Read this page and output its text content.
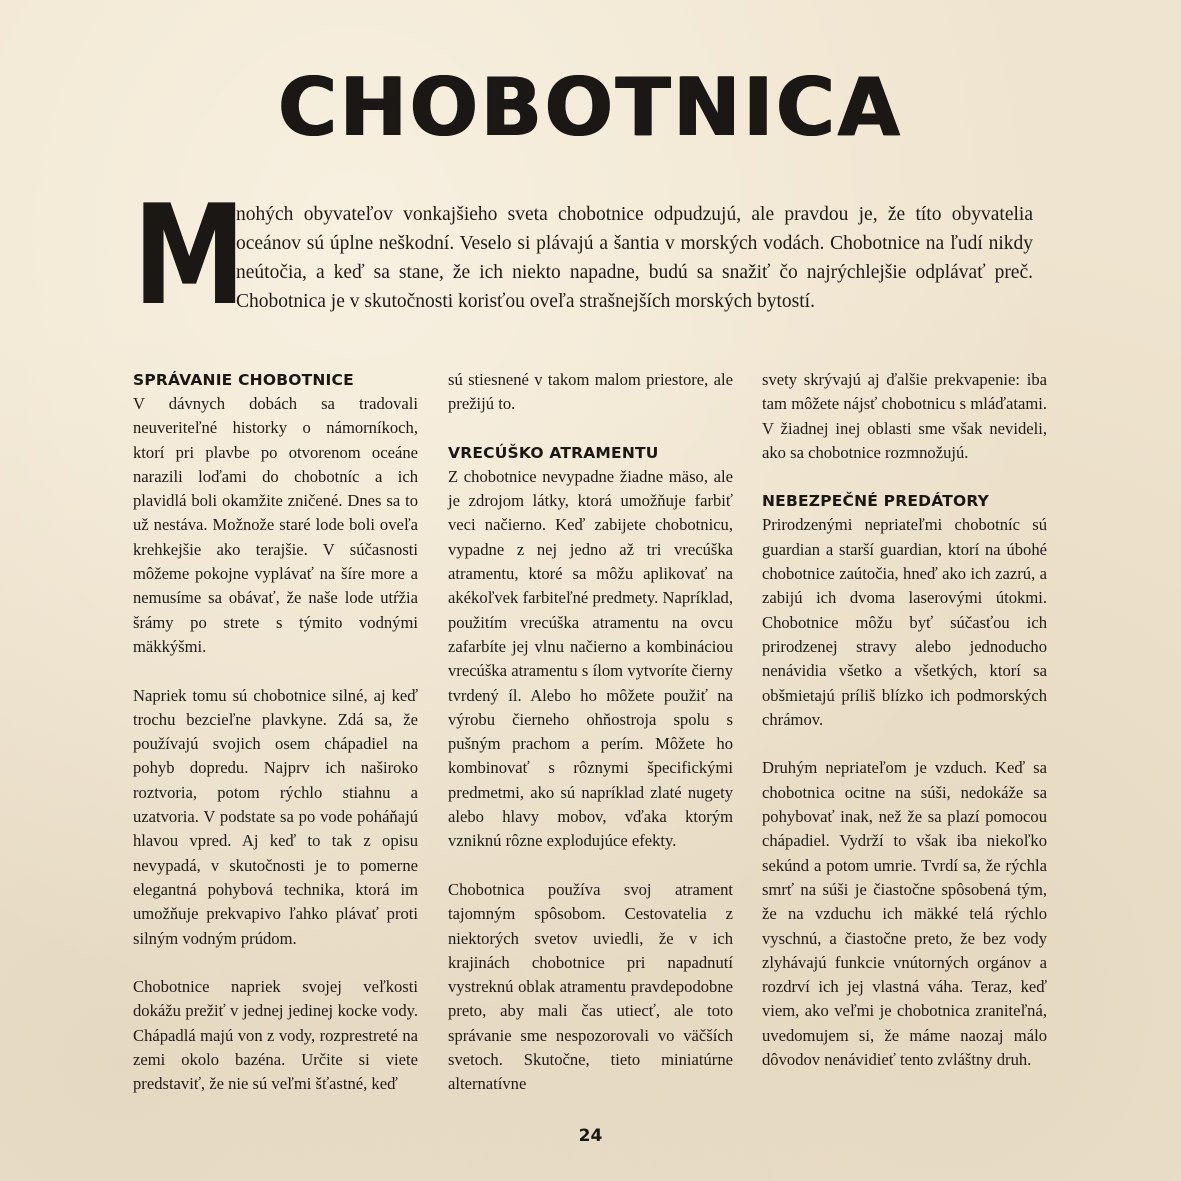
CHOBOTNICA
M

nohých obyvateľov vonkajšieho sveta chobotnice odpudzujú, ale pravdou je, že títo obyvatelia oceánov sú úplne neškodní. Veselo si plávajú a šantia v morských vodách. Chobotnice na ľudí nikdy neútočia, a keď sa stane, že ich niekto napadne, budú sa snažiť čo najrýchlejšie odplávať preč. Chobotnica je v skutočnosti korisťou oveľa strašnejších morských bytostí.

SPRÁVANIE CHOBOTNICE

V dávnych dobách sa tradovali neuveriteľné historky o námorníkoch, ktorí pri plavbe po otvorenom oceáne narazili loďami do chobotníc a ich plavidlá boli okamžite zničené. Dnes sa to už nestáva. Možnože staré lode boli oveľa krehkejšie ako terajšie. V súčasnosti môžeme pokojne vyplávať na šíre more a nemusíme sa obávať, že naše lode utŕžia šrámy po strete s týmito vodnými mäkkýšmi.

Napriek tomu sú chobotnice silné, aj keď trochu bezcieľne plavkyne. Zdá sa, že používajú svojich osem chápadiel na pohyb dopredu. Najprv ich naširoko roztvoria, potom rýchlo stiahnu a uzatvoria. V podstate sa po vode poháňajú hlavou vpred. Aj keď to tak z opisu nevypadá, v skutočnosti je to pomerne elegantná pohybová technika, ktorá im umožňuje prekvapivo ľahko plávať proti silným vodným prúdom.

Chobotnice napriek svojej veľkosti dokážu prežiť v jednej jedinej kocke vody. Chápadlá majú von z vody, rozprestreté na zemi okolo bazéna. Určite si viete predstaviť, že nie sú veľmi šťastné, keď

sú stiesnené v takom malom priestore, ale prežijú to.

VRECÚŠKO ATRAMENTU

Z chobotnice nevypadne žiadne mäso, ale je zdrojom látky, ktorá umožňuje farbiť veci načierno. Keď zabijete chobotnicu, vypadne z nej jedno až tri vrecúška atramentu, ktoré sa môžu aplikovať na akékoľvek farbiteľné predmety. Napríklad, použitím vrecúška atramentu na ovcu zafarbíte jej vlnu načierno a kombináciou vrecúška atramentu s ílom vytvoríte čierny tvrdený íl. Alebo ho môžete použiť na výrobu čierneho ohňostroja spolu s pušným prachom a perím. Môžete ho kombinovať s rôznymi špecifickými predmetmi, ako sú napríklad zlaté nugety alebo hlavy mobov, vďaka ktorým vzniknú rôzne explodujúce efekty.

Chobotnica používa svoj atrament tajomným spôsobom. Cestovatelia z niektorých svetov uviedli, že v ich krajinách chobotnice pri napadnutí vystreknú oblak atramentu pravdepodobne preto, aby mali čas utiecť, ale toto správanie sme nespozorovali vo väčších svetoch. Skutočne, tieto miniatúrne alternatívne

svety skrývajú aj ďalšie prekvapenie: iba tam môžete nájsť chobotnicu s mláďatami. V žiadnej inej oblasti sme však nevideli, ako sa chobotnice rozmnožujú.

NEBEZPEČNÉ PREDÁTORY

Prirodzenými nepriateľmi chobotníc sú guardian a starší guardian, ktorí na úbohé chobotnice zaútočia, hneď ako ich zazrú, a zabijú ich dvoma laserovými útokmi. Chobotnice môžu byť súčasťou ich prirodzenej stravy alebo jednoducho nenávidia všetko a všetkých, ktorí sa obšmietajú príliš blízko ich podmorských chrámov.

Druhým nepriateľom je vzduch. Keď sa chobotnica ocitne na súši, nedokáže sa pohybovať inak, než že sa plazí pomocou chápadiel. Vydrží to však iba niekoľko sekúnd a potom umrie. Tvrdí sa, že rýchla smrť na súši je čiastočne spôsobená tým, že na vzduchu ich mäkké telá rýchlo vyschnú, a čiastočne preto, že bez vody zlyhávajú funkcie vnútorných orgánov a rozdrví ich jej vlastná váha. Teraz, keď viem, ako veľmi je chobotnica zraniteľná, uvedomujem si, že máme naozaj málo dôvodov nenávidieť tento zvláštny druh.

24
